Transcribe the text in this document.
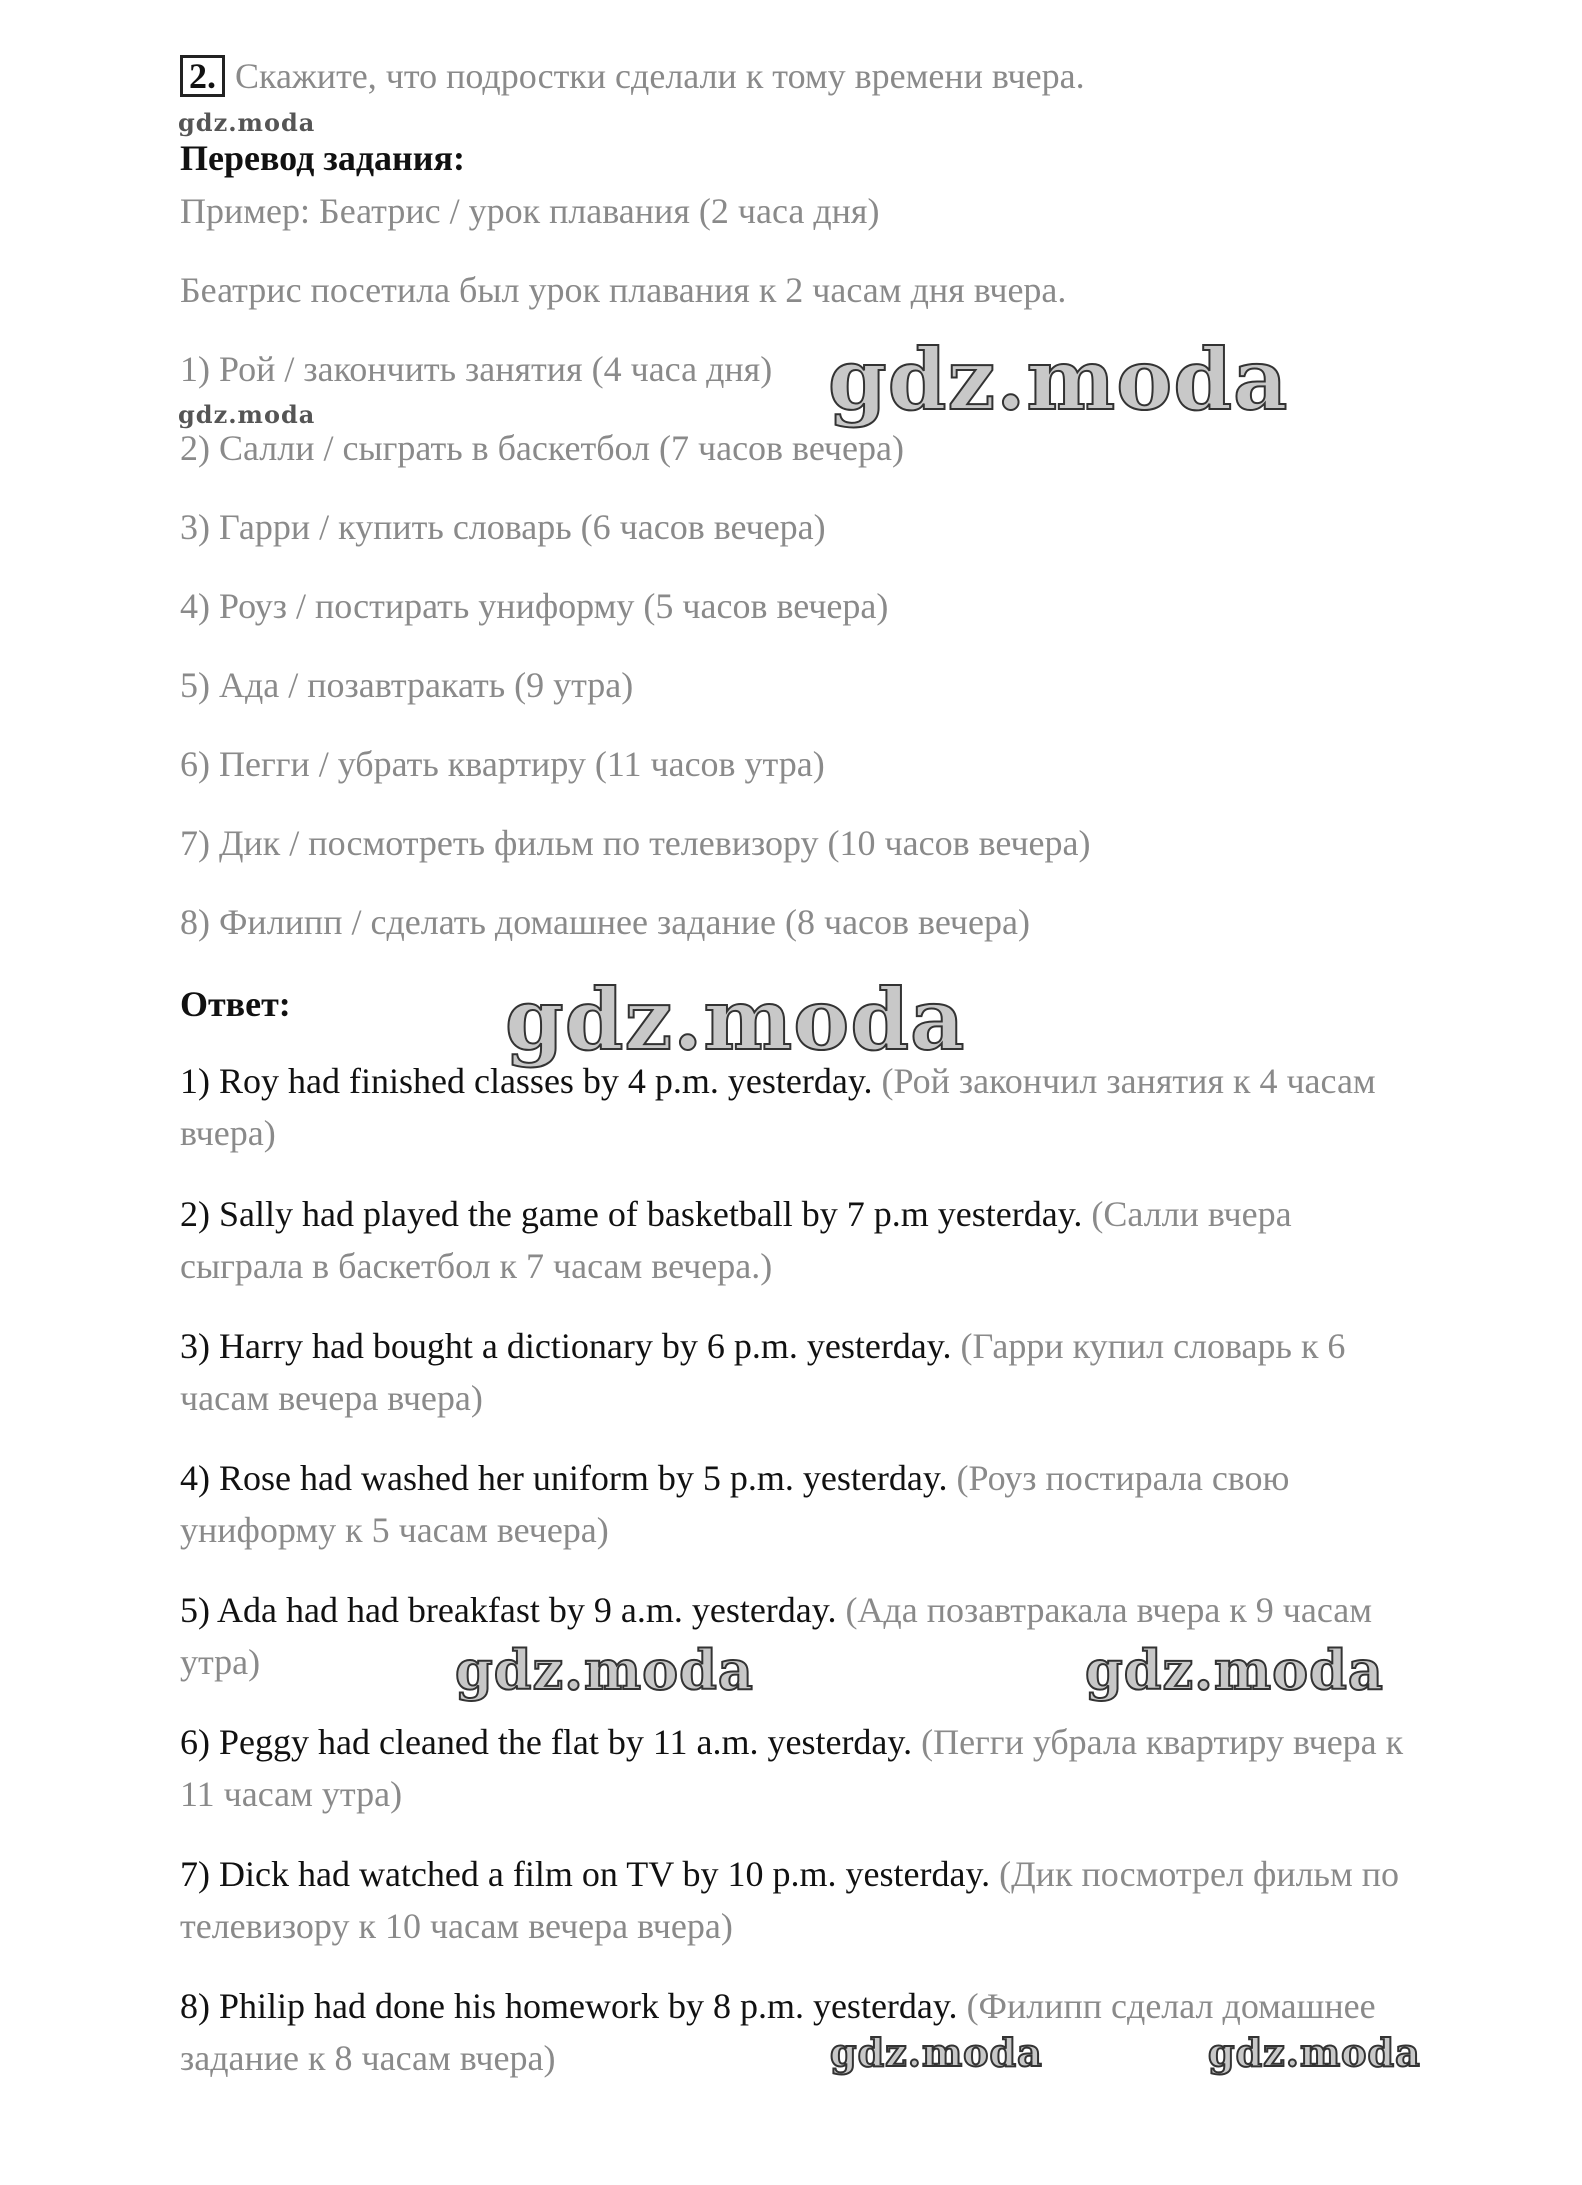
2. Скажите, что подростки сделали к тому времени вчера.
gdz.moda
Перевод задания:
Пример: Беатрис / урок плавания (2 часа дня)
Беатрис посетила был урок плавания к 2 часам дня вчера.
1) Рой / закончить занятия (4 часа дня) gdz.moda
gdz.moda
2) Салли / сыграть в баскетбол (7 часов вечера)
3) Гарри / купить словарь (6 часов вечера)
4) Роуз / постирать униформу (5 часов вечера)
5) Ада / позавтракать (9 утра)
6) Пегги / убрать квартиру (11 часов утра)
7) Дик / посмотреть фильм по телевизору (10 часов вечера)
8) Филипп / сделать домашнее задание (8 часов вечера)
Ответ:	gdz.moda
1) Roy had finished classes by 4 p.m. yesterday. (Рой закончил занятия к 4 часам вчера)
2) Sally had played the game of basketball by 7 p.m yesterday. (Салли вчера сыграла в баскетбол к 7 часам вечера.)
3) Harry had bought a dictionary by 6 p.m. yesterday. (Гарри купил словарь к 6 часам вечера вчера)
4) Rose had washed her uniform by 5 p.m. yesterday. (Роуз постирала свою униформу к 5 часам вечера)
5) Ada had had breakfast by 9 a.m. yesterday. (Ада позавтракала вчера к 9 часам утра)	gdz.moda	gdz.moda
6) Peggy had cleaned the flat by 11 a.m. yesterday. (Пегги убрала квартиру вчера к 11 часам утра)
7) Dick had watched a film on TV by 10 p.m. yesterday. (Дик посмотрел фильм по телевизору к 10 часам вечера вчера)
8) Philip had done his homework by 8 p.m. yesterday. (Филипп сделал домашнее задание к 8 часам вчера)	gdz.moda	gdz.moda
